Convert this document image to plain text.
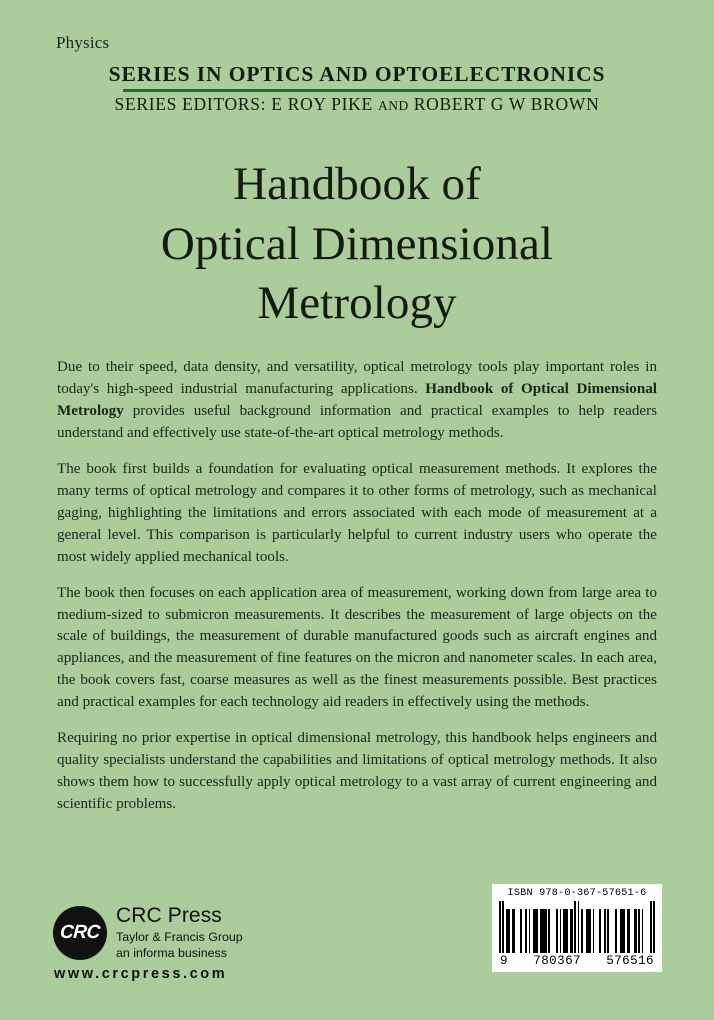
Physics
SERIES IN OPTICS AND OPTOELECTRONICS
SERIES EDITORS: E ROY PIKE AND ROBERT G W BROWN
Handbook of
Optical Dimensional
Metrology

Due to their speed, data density, and versatility, optical metrology tools play important roles in today's high-speed industrial manufacturing applications. Handbook of Optical Dimensional Metrology provides useful background information and practical examples to help readers understand and effectively use state-of-the-art optical metrology methods.

The book first builds a foundation for evaluating optical measurement methods. It explores the many terms of optical metrology and compares it to other forms of metrology, such as mechanical gaging, highlighting the limitations and errors associated with each mode of measurement at a general level. This comparison is particularly helpful to current industry users who operate the most widely applied mechanical tools.

The book then focuses on each application area of measurement, working down from large area to medium-sized to submicron measurements. It describes the measurement of large objects on the scale of buildings, the measurement of durable manufactured goods such as aircraft engines and appliances, and the measurement of fine features on the micron and nanometer scales. In each area, the book covers fast, coarse measures as well as the finest measurements possible. Best practices and practical examples for each technology aid readers in effectively using the methods.

Requiring no prior expertise in optical dimensional metrology, this handbook helps engineers and quality specialists understand the capabilities and limitations of optical metrology methods. It also shows them how to successfully apply optical metrology to a vast array of current engineering and scientific problems.

CRC
CRC Press
Taylor & Francis Group
an informa business
www.crcpress.com
ISBN 978-0-367-57651-6
9 780367 576516
